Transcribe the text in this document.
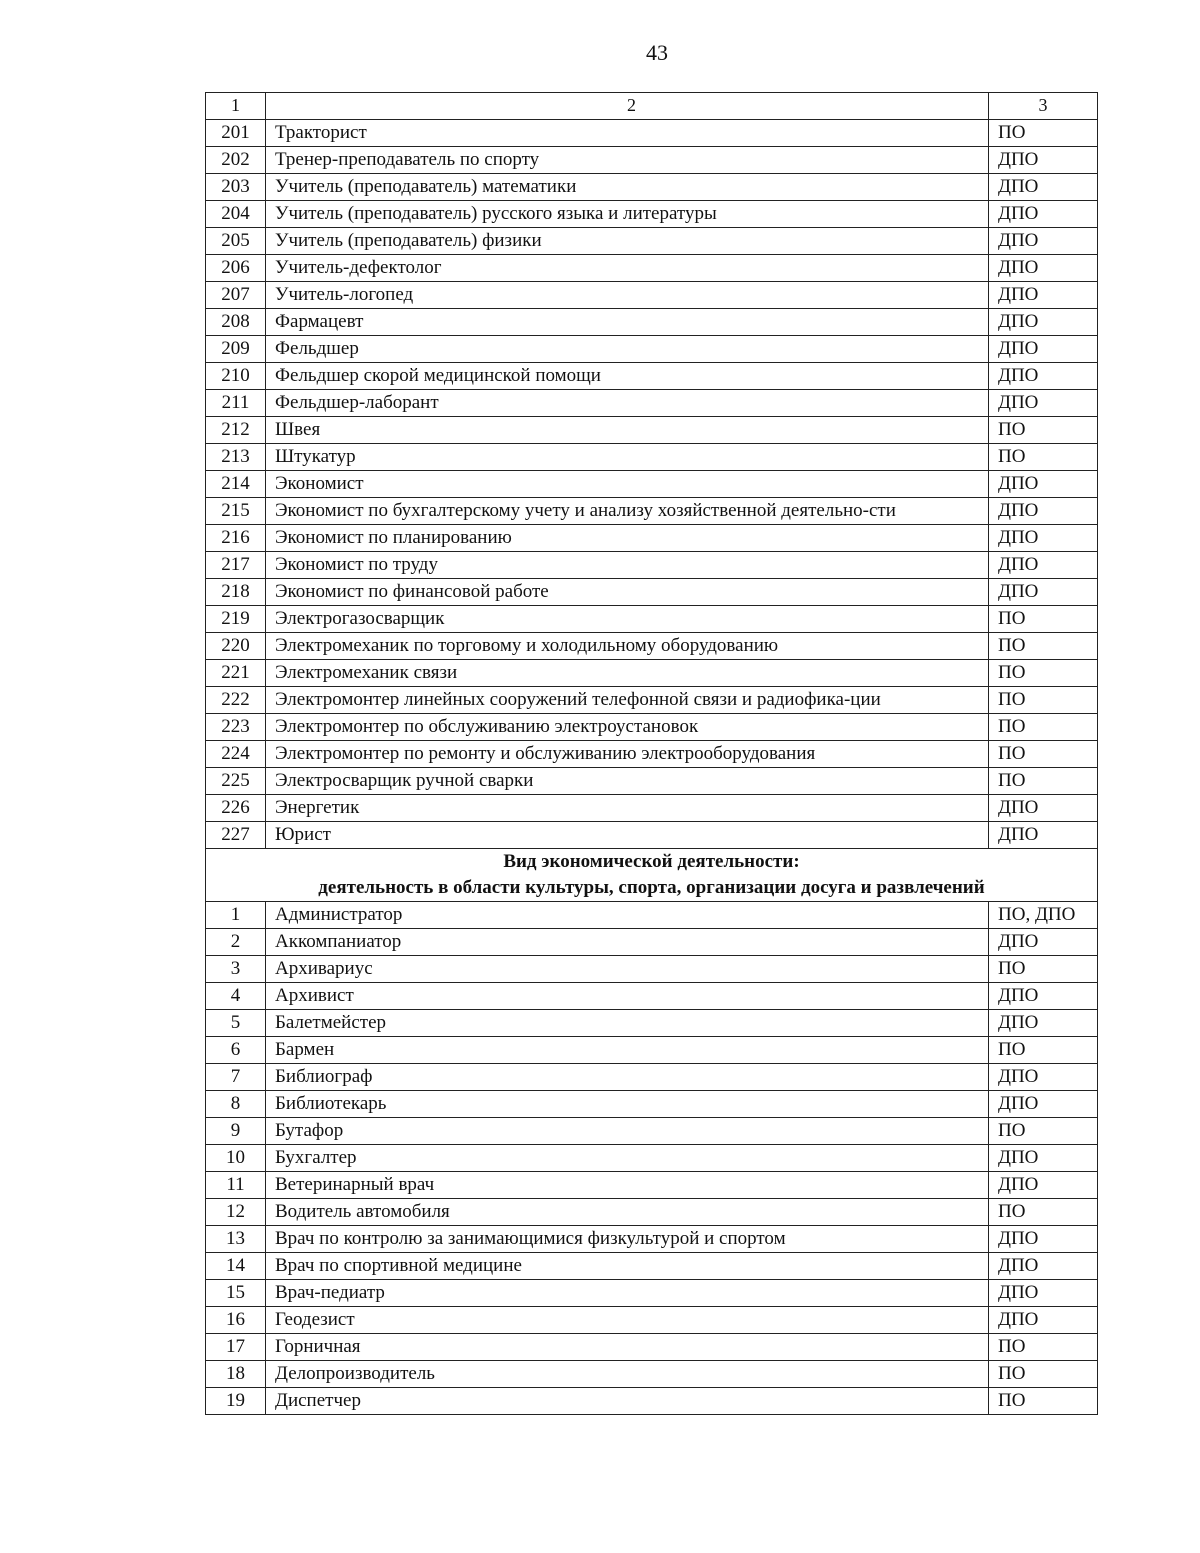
43
1	2	3
201	Тракторист	ПО
202	Тренер-преподаватель по спорту	ДПО
203	Учитель (преподаватель) математики	ДПО
204	Учитель (преподаватель) русского языка и литературы	ДПО
205	Учитель (преподаватель) физики	ДПО
206	Учитель-дефектолог	ДПО
207	Учитель-логопед	ДПО
208	Фармацевт	ДПО
209	Фельдшер	ДПО
210	Фельдшер скорой медицинской помощи	ДПО
211	Фельдшер-лаборант	ДПО
212	Швея	ПО
213	Штукатур	ПО
214	Экономист	ДПО
215	Экономист по бухгалтерскому учету и анализу хозяйственной деятельно-сти	ДПО
216	Экономист по планированию	ДПО
217	Экономист по труду	ДПО
218	Экономист по финансовой работе	ДПО
219	Электрогазосварщик	ПО
220	Электромеханик по торговому и холодильному оборудованию	ПО
221	Электромеханик связи	ПО
222	Электромонтер линейных сооружений телефонной связи и радиофика-ции	ПО
223	Электромонтер по обслуживанию электроустановок	ПО
224	Электромонтер по ремонту и обслуживанию электрооборудования	ПО
225	Электросварщик ручной сварки	ПО
226	Энергетик	ДПО
227	Юрист	ДПО

Вид экономической деятельности:
деятельность в области культуры, спорта, организации досуга и развлечений		

1	Администратор	ПО, ДПО
2	Аккомпаниатор	ДПО
3	Архивариус	ПО
4	Архивист	ДПО
5	Балетмейстер	ДПО
6	Бармен	ПО
7	Библиограф	ДПО
8	Библиотекарь	ДПО
9	Бутафор	ПО
10	Бухгалтер	ДПО
11	Ветеринарный врач	ДПО
12	Водитель автомобиля	ПО
13	Врач по контролю за занимающимися физкультурой и спортом	ДПО
14	Врач по спортивной медицине	ДПО
15	Врач-педиатр	ДПО
16	Геодезист	ДПО
17	Горничная	ПО
18	Делопроизводитель	ПО
19	Диспетчер	ПО
